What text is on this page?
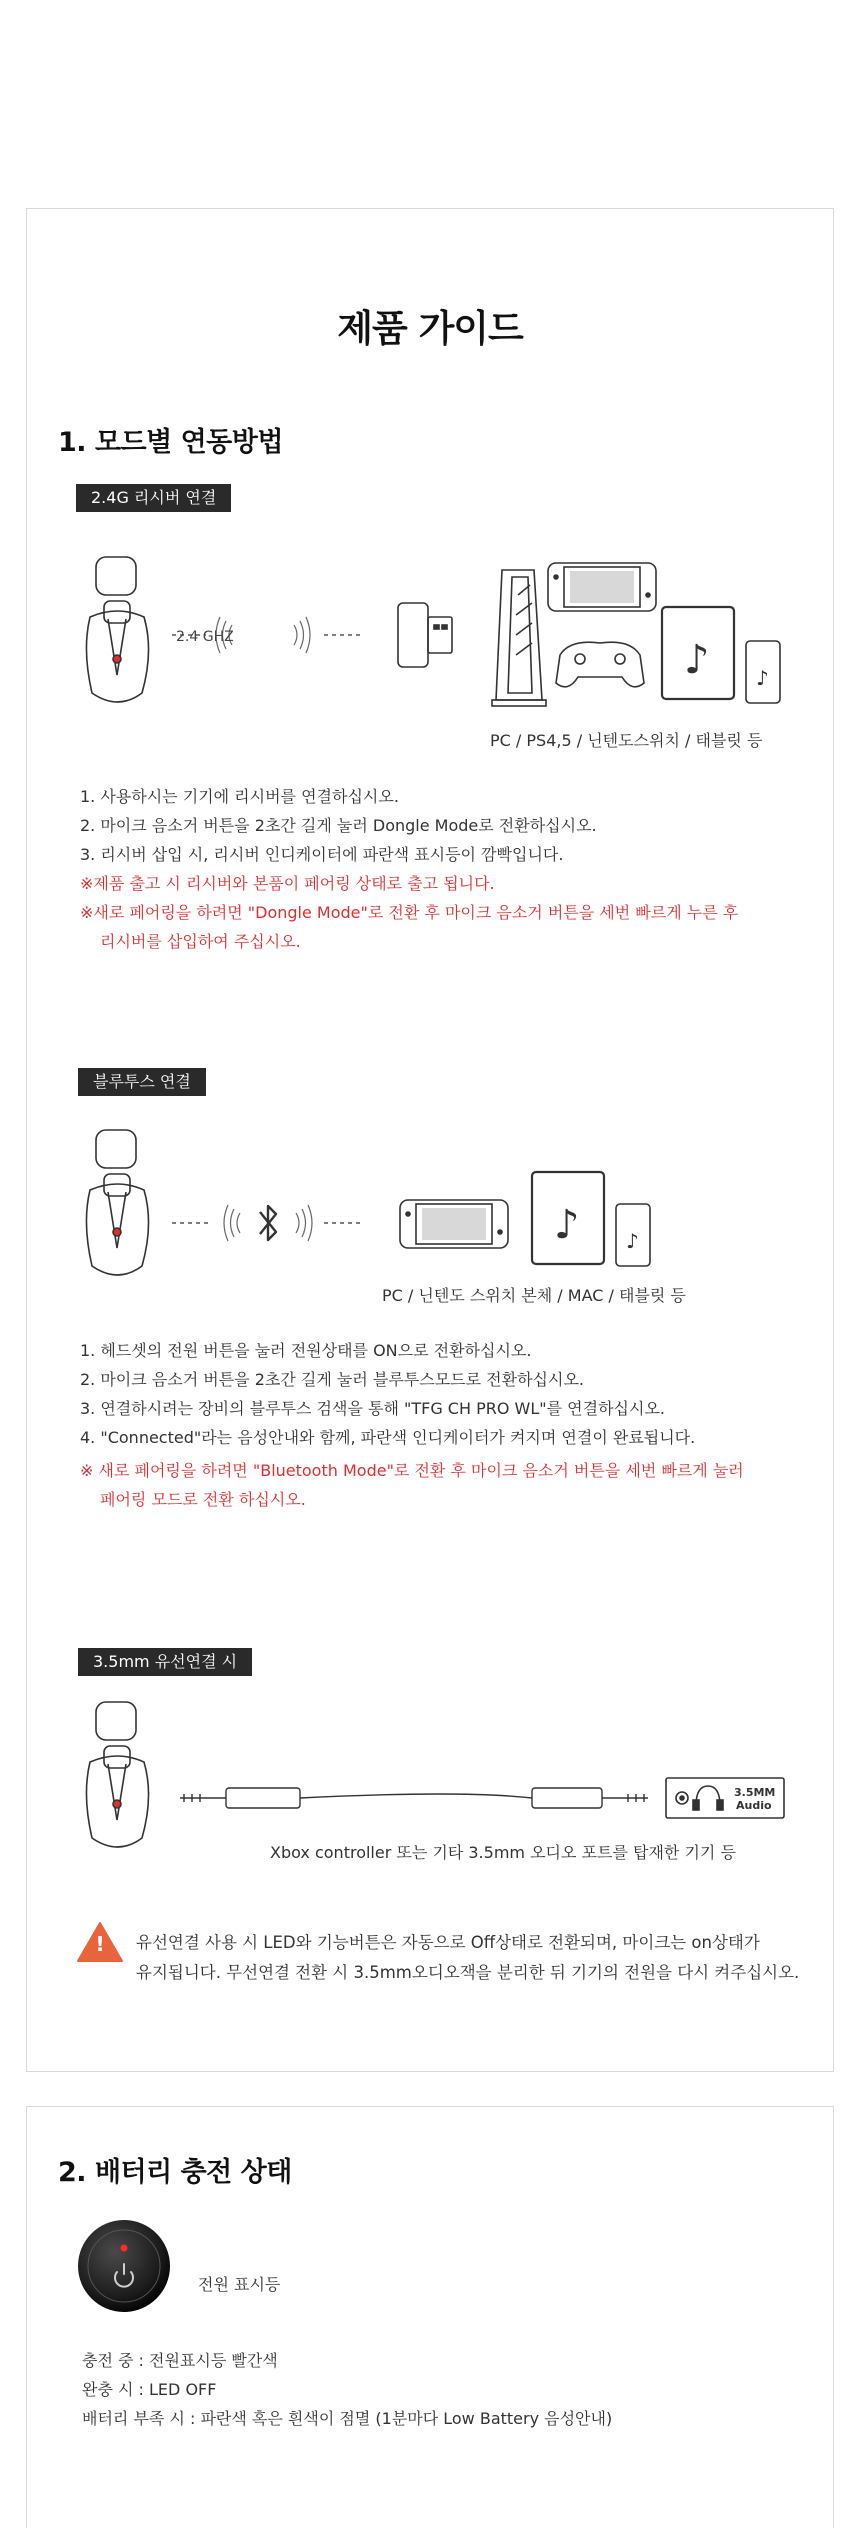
제품 가이드
1. 모드별 연동방법
2.4G 리시버 연결
♪ ♪
2.4 GHZ
PC / PS4,5 / 닌텐도스위치 / 태블릿 등
1. 사용하시는 기기에 리시버를 연결하십시오.
2. 마이크 음소거 버튼을 2초간 길게 눌러 Dongle Mode로 전환하십시오.
3. 리시버 삽입 시, 리시버 인디케이터에 파란색 표시등이 깜빡입니다.
※제품 출고 시 리시버와 본품이 페어링 상태로 출고 됩니다.
※새로 페어링을 하려면 "Dongle Mode"로 전환 후 마이크 음소거 버튼을 세번 빠르게 누른 후
리시버를 삽입하여 주십시오.
블루투스 연결
♪ ♪
PC / 닌텐도 스위치 본체 / MAC / 태블릿 등
1. 헤드셋의 전원 버튼을 눌러 전원상태를 ON으로 전환하십시오.
2. 마이크 음소거 버튼을 2초간 길게 눌러 블루투스모드로 전환하십시오.
3. 연결하시려는 장비의 블루투스 검색을 통해 "TFG CH PRO WL"를 연결하십시오.
4. "Connected"라는 음성안내와 함께, 파란색 인디케이터가 켜지며 연결이 완료됩니다.
※ 새로 페어링을 하려면 "Bluetooth Mode"로 전환 후 마이크 음소거 버튼을 세번 빠르게 눌러
페어링 모드로 전환 하십시오.
3.5mm 유선연결 시
3.5MM
Audio
Xbox controller 또는 기타 3.5mm 오디오 포트를 탑재한 기기 등
! 유선연결 사용 시 LED와 기능버튼은 자동으로 Off상태로 전환되며, 마이크는 on상태가
유지됩니다. 무선연결 전환 시 3.5mm오디오잭을 분리한 뒤 기기의 전원을 다시 켜주십시오.
2. 배터리 충전 상태
전원 표시등
충전 중 : 전원표시등 빨간색
완충 시 : LED OFF
배터리 부족 시 : 파란색 혹은 흰색이 점멸 (1분마다 Low Battery 음성안내)
